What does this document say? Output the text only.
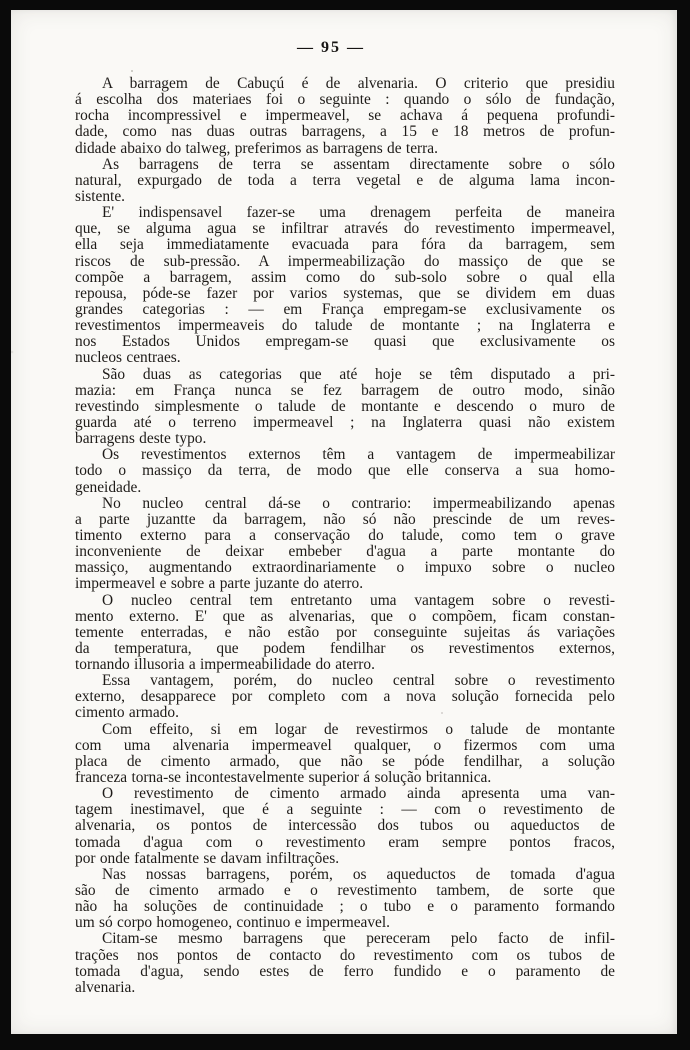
— 95 —
A barragem de Cabuçú é de alvenaria. O criterio que presidiu
á escolha dos materiaes foi o seguinte : quando o sólo de fundação,
rocha incompressivel e impermeavel, se achava á pequena profundi-
dade, como nas duas outras barragens, a 15 e 18 metros de profun-
didade abaixo do talweg, preferimos as barragens de terra.
As barragens de terra se assentam directamente sobre o sólo
natural, expurgado de toda a terra vegetal e de alguma lama incon-
sistente.
E' indispensavel fazer-se uma drenagem perfeita de maneira
que, se alguma agua se infiltrar através do revestimento impermeavel,
ella seja immediatamente evacuada para fóra da barragem, sem
riscos de sub-pressão. A impermeabilização do massiço de que se
compõe a barragem, assim como do sub-solo sobre o qual ella
repousa, póde-se fazer por varios systemas, que se dividem em duas
grandes categorias : — em França empregam-se exclusivamente os
revestimentos impermeaveis do talude de montante ; na Inglaterra e
nos Estados Unidos empregam-se quasi que exclusivamente os
nucleos centraes.
São duas as categorias que até hoje se têm disputado a pri-
mazia: em França nunca se fez barragem de outro modo, sinão
revestindo simplesmente o talude de montante e descendo o muro de
guarda até o terreno impermeavel ; na Inglaterra quasi não existem
barragens deste typo.
Os revestimentos externos têm a vantagem de impermeabilizar
todo o massiço da terra, de modo que elle conserva a sua homo-
geneidade.
No nucleo central dá-se o contrario: impermeabilizando apenas
a parte juzantte da barragem, não só não prescinde de um reves-
timento externo para a conservação do talude, como tem o grave
inconveniente de deixar embeber d'agua a parte montante do
massiço, augmentando extraordinariamente o impuxo sobre o nucleo
impermeavel e sobre a parte juzante do aterro.
O nucleo central tem entretanto uma vantagem sobre o revesti-
mento externo. E' que as alvenarias, que o compõem, ficam constan-
temente enterradas, e não estão por conseguinte sujeitas ás variações
da temperatura, que podem fendilhar os revestimentos externos,
tornando illusoria a impermeabilidade do aterro.
Essa vantagem, porém, do nucleo central sobre o revestimento
externo, desapparece por completo com a nova solução fornecida pelo
cimento armado.
Com effeito, si em logar de revestirmos o talude de montante
com uma alvenaria impermeavel qualquer, o fizermos com uma
placa de cimento armado, que não se póde fendilhar, a solução
franceza torna-se incontestavelmente superior á solução britannica.
O revestimento de cimento armado ainda apresenta uma van-
tagem inestimavel, que é a seguinte : — com o revestimento de
alvenaria, os pontos de intercessão dos tubos ou aqueductos de
tomada d'agua com o revestimento eram sempre pontos fracos,
por onde fatalmente se davam infiltrações.
Nas nossas barragens, porém, os aqueductos de tomada d'agua
são de cimento armado e o revestimento tambem, de sorte que
não ha soluções de continuidade ; o tubo e o paramento formando
um só corpo homogeneo, continuo e impermeavel.
Citam-se mesmo barragens que pereceram pelo facto de infil-
trações nos pontos de contacto do revestimento com os tubos de
tomada d'agua, sendo estes de ferro fundido e o paramento de
alvenaria.
